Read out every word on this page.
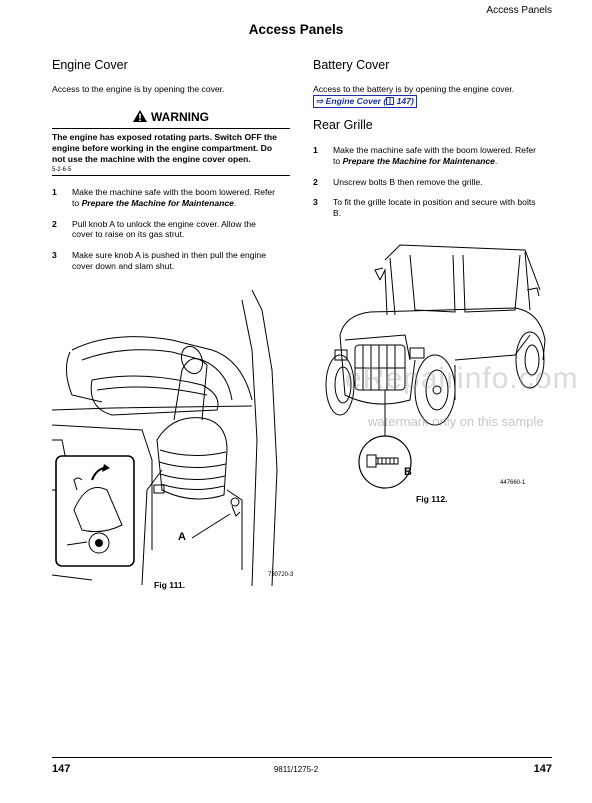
Access Panels
Access Panels
Engine Cover
Access to the engine is by opening the cover.
WARNING
The engine has exposed rotating parts. Switch OFF the
engine before working in the engine compartment. Do
not use the machine with the engine cover open.
5-2-6-5
1	Make the machine safe with the boom lowered. Refer
to Prepare the Machine for Maintenance.
2	Pull knob A to unlock the engine cover. Allow the
cover to raise on its gas strut.
3	Make sure knob A is pushed in then pull the engine
cover down and slam shut.
A
730720-3
Fig 111.
Battery Cover
Access to the battery is by opening the engine cover.
⇨ Engine Cover ( 147)
Rear Grille
1	Make the machine safe with the boom lowered. Refer
to Prepare the Machine for Maintenance.
2	Unscrew bolts B then remove the grille.
3	To fit the grille locate in position and secure with bolts
B.
B
447660-1
Fig 112.
eRepairinfo.com
watermark only on this sample
147	9811/1275-2	147
